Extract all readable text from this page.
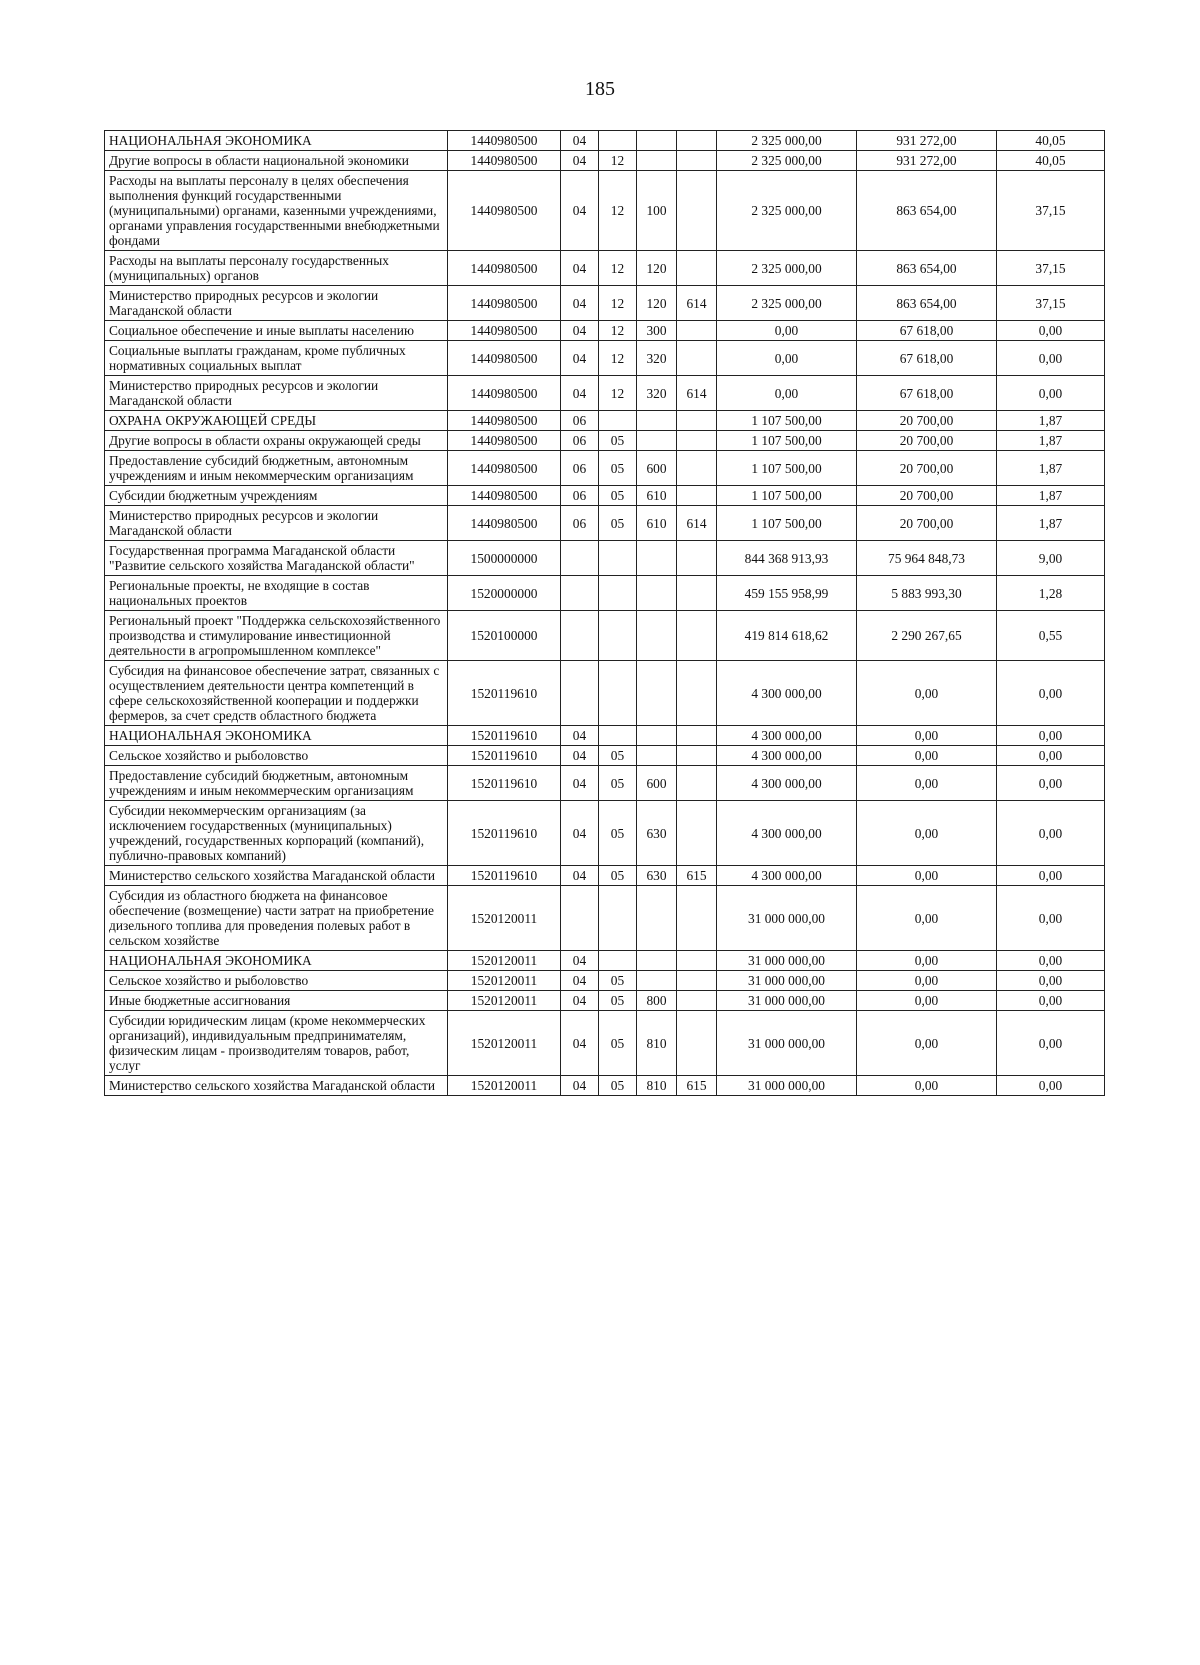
185
НАЦИОНАЛЬНАЯ ЭКОНОМИКА	1440980500	04				2 325 000,00	931 272,00	40,05
Другие вопросы в области национальной экономики	1440980500	04	12			2 325 000,00	931 272,00	40,05
Расходы на выплаты персоналу в целях обеспечения выполнения функций государственными (муниципальными) органами, казенными учреждениями, органами управления государственными внебюджетными фондами	1440980500	04	12	100		2 325 000,00	863 654,00	37,15
Расходы на выплаты персоналу государственных (муниципальных) органов	1440980500	04	12	120		2 325 000,00	863 654,00	37,15
Министерство природных ресурсов и экологии Магаданской области	1440980500	04	12	120	614	2 325 000,00	863 654,00	37,15
Социальное обеспечение и иные выплаты населению	1440980500	04	12	300		0,00	67 618,00	0,00
Социальные выплаты гражданам, кроме публичных нормативных социальных выплат	1440980500	04	12	320		0,00	67 618,00	0,00
Министерство природных ресурсов и экологии Магаданской области	1440980500	04	12	320	614	0,00	67 618,00	0,00
ОХРАНА ОКРУЖАЮЩЕЙ СРЕДЫ	1440980500	06				1 107 500,00	20 700,00	1,87
Другие вопросы в области охраны окружающей среды	1440980500	06	05			1 107 500,00	20 700,00	1,87
Предоставление субсидий бюджетным, автономным учреждениям и иным некоммерческим организациям	1440980500	06	05	600		1 107 500,00	20 700,00	1,87
Субсидии бюджетным учреждениям	1440980500	06	05	610		1 107 500,00	20 700,00	1,87
Министерство природных ресурсов и экологии Магаданской области	1440980500	06	05	610	614	1 107 500,00	20 700,00	1,87
Государственная программа Магаданской области "Развитие сельского хозяйства Магаданской области"	1500000000					844 368 913,93	75 964 848,73	9,00
Региональные проекты, не входящие в состав национальных проектов	1520000000					459 155 958,99	5 883 993,30	1,28
Региональный проект "Поддержка сельскохозяйственного производства и стимулирование инвестиционной деятельности в агропромышленном комплексе"	1520100000					419 814 618,62	2 290 267,65	0,55
Субсидия на финансовое обеспечение затрат, связанных с осуществлением деятельности центра компетенций в сфере сельскохозяйственной кооперации и поддержки фермеров, за счет средств областного бюджета	1520119610					4 300 000,00	0,00	0,00
НАЦИОНАЛЬНАЯ ЭКОНОМИКА	1520119610	04				4 300 000,00	0,00	0,00
Сельское хозяйство и рыболовство	1520119610	04	05			4 300 000,00	0,00	0,00
Предоставление субсидий бюджетным, автономным учреждениям и иным некоммерческим организациям	1520119610	04	05	600		4 300 000,00	0,00	0,00
Субсидии некоммерческим организациям (за исключением государственных (муниципальных) учреждений, государственных корпораций (компаний), публично-правовых компаний)	1520119610	04	05	630		4 300 000,00	0,00	0,00
Министерство сельского хозяйства Магаданской области	1520119610	04	05	630	615	4 300 000,00	0,00	0,00
Субсидия из областного бюджета на финансовое обеспечение (возмещение) части затрат на приобретение дизельного топлива для проведения полевых работ в сельском хозяйстве	1520120011					31 000 000,00	0,00	0,00
НАЦИОНАЛЬНАЯ ЭКОНОМИКА	1520120011	04				31 000 000,00	0,00	0,00
Сельское хозяйство и рыболовство	1520120011	04	05			31 000 000,00	0,00	0,00
Иные бюджетные ассигнования	1520120011	04	05	800		31 000 000,00	0,00	0,00
Субсидии юридическим лицам (кроме некоммерческих организаций), индивидуальным предпринимателям, физическим лицам - производителям товаров, работ, услуг	1520120011	04	05	810		31 000 000,00	0,00	0,00
Министерство сельского хозяйства Магаданской области	1520120011	04	05	810	615	31 000 000,00	0,00	0,00
